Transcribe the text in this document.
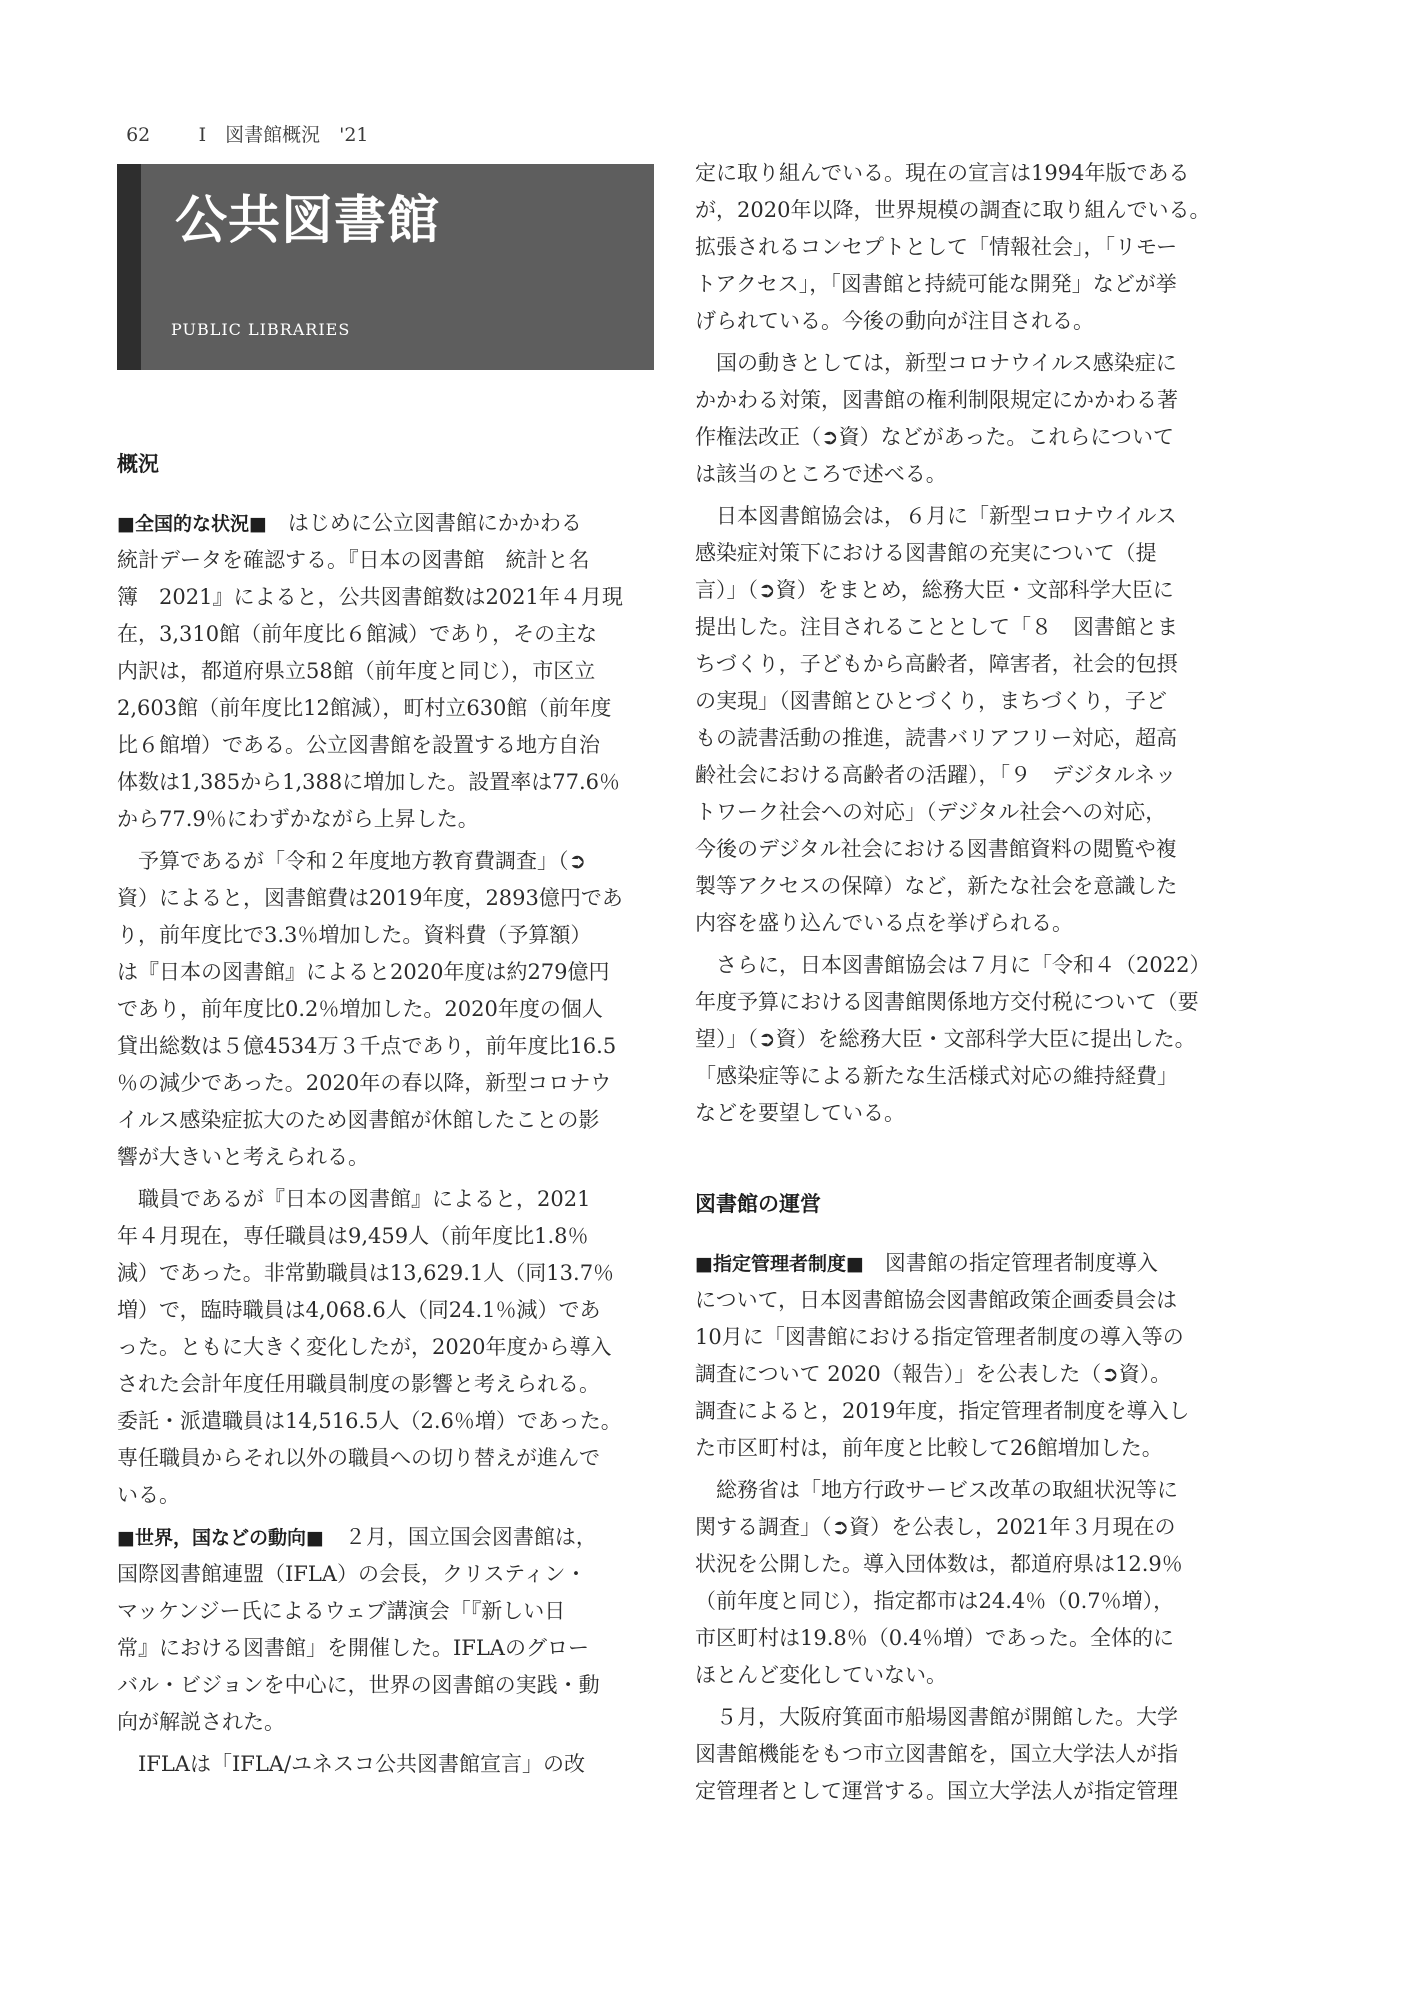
62	Ⅰ　図書館概況　'21

公共図書館
PUBLIC LIBRARIES
概況
■全国的な状況■　はじめに公立図書館にかかわる
統計データを確認する。『日本の図書館　統計と名
簿　2021』によると，公共図書館数は2021年４月現
在，3,310館（前年度比６館減）であり，その主な
内訳は，都道府県立58館（前年度と同じ），市区立
2,603館（前年度比12館減），町村立630館（前年度
比６館増）である。公立図書館を設置する地方自治
体数は1,385から1,388に増加した。設置率は77.6％
から77.9％にわずかながら上昇した。
予算であるが「令和２年度地方教育費調査」（➲
資）によると，図書館費は2019年度，2893億円であ
り，前年度比で3.3％増加した。資料費（予算額）
は『日本の図書館』によると2020年度は約279億円
であり，前年度比0.2％増加した。2020年度の個人
貸出総数は５億4534万３千点であり，前年度比16.5
％の減少であった。2020年の春以降，新型コロナウ
イルス感染症拡大のため図書館が休館したことの影
響が大きいと考えられる。
職員であるが『日本の図書館』によると，2021
年４月現在，専任職員は9,459人（前年度比1.8％
減）であった。非常勤職員は13,629.1人（同13.7％
増）で，臨時職員は4,068.6人（同24.1％減）であ
った。ともに大きく変化したが，2020年度から導入
された会計年度任用職員制度の影響と考えられる。
委託・派遣職員は14,516.5人（2.6％増）であった。
専任職員からそれ以外の職員への切り替えが進んで
いる。
■世界，国などの動向■　２月，国立国会図書館は，
国際図書館連盟（IFLA）の会長，クリスティン・
マッケンジー氏によるウェブ講演会「『新しい日
常』における図書館」を開催した。IFLAのグロー
バル・ビジョンを中心に，世界の図書館の実践・動
向が解説された。
IFLAは「IFLA/ユネスコ公共図書館宣言」の改
定に取り組んでいる。現在の宣言は1994年版である
が，2020年以降，世界規模の調査に取り組んでいる。
拡張されるコンセプトとして「情報社会」，「リモー
トアクセス」，「図書館と持続可能な開発」などが挙
げられている。今後の動向が注目される。
国の動きとしては，新型コロナウイルス感染症に
かかわる対策，図書館の権利制限規定にかかわる著
作権法改正（➲資）などがあった。これらについて
は該当のところで述べる。
日本図書館協会は，６月に「新型コロナウイルス
感染症対策下における図書館の充実について（提
言）」（➲資）をまとめ，総務大臣・文部科学大臣に
提出した。注目されることとして「８　図書館とま
ちづくり，子どもから高齢者，障害者，社会的包摂
の実現」（図書館とひとづくり，まちづくり，子ど
もの読書活動の推進，読書バリアフリー対応，超高
齢社会における高齢者の活躍），「９　デジタルネッ
トワーク社会への対応」（デジタル社会への対応，
今後のデジタル社会における図書館資料の閲覧や複
製等アクセスの保障）など，新たな社会を意識した
内容を盛り込んでいる点を挙げられる。
さらに，日本図書館協会は７月に「令和４（2022）
年度予算における図書館関係地方交付税について（要
望）」（➲資）を総務大臣・文部科学大臣に提出した。
「感染症等による新たな生活様式対応の維持経費」
などを要望している。
図書館の運営
■指定管理者制度■　図書館の指定管理者制度導入
について，日本図書館協会図書館政策企画委員会は
10月に「図書館における指定管理者制度の導入等の
調査について 2020（報告）」を公表した（➲資）。
調査によると，2019年度，指定管理者制度を導入し
た市区町村は，前年度と比較して26館増加した。
総務省は「地方行政サービス改革の取組状況等に
関する調査」（➲資）を公表し，2021年３月現在の
状況を公開した。導入団体数は，都道府県は12.9％
（前年度と同じ），指定都市は24.4％（0.7％増），
市区町村は19.8％（0.4％増）であった。全体的に
ほとんど変化していない。
５月，大阪府箕面市船場図書館が開館した。大学
図書館機能をもつ市立図書館を，国立大学法人が指
定管理者として運営する。国立大学法人が指定管理
